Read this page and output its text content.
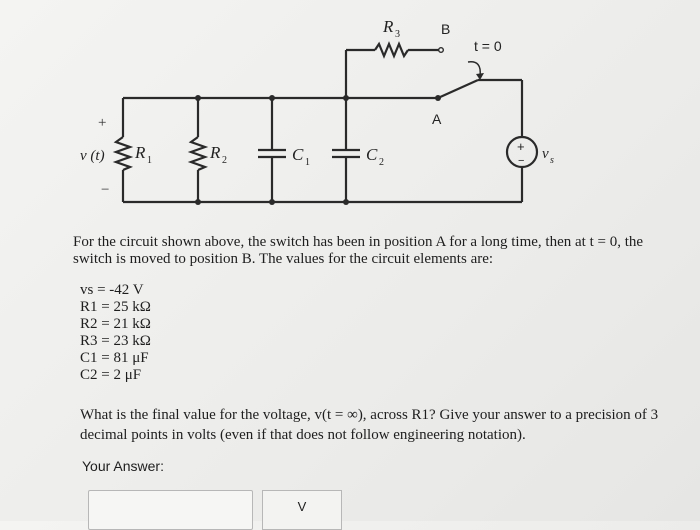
+
−
v (t) R 1	R 2	C 1	C 2
R 3	B
A
t = 0
+
− v s
For the circuit shown above, the switch has been in position A for a long time, then at t = 0, the switch is moved to position B. The values for the circuit elements are:
vs = -42 V
R1 = 25 kΩ
R2 = 21 kΩ
R3 = 23 kΩ
C1 = 81 μF
C2 = 2 μF
What is the final value for the voltage, v(t = ∞), across R1? Give your answer to a precision of 3 decimal points in volts (even if that does not follow engineering notation).
Your Answer:
V
